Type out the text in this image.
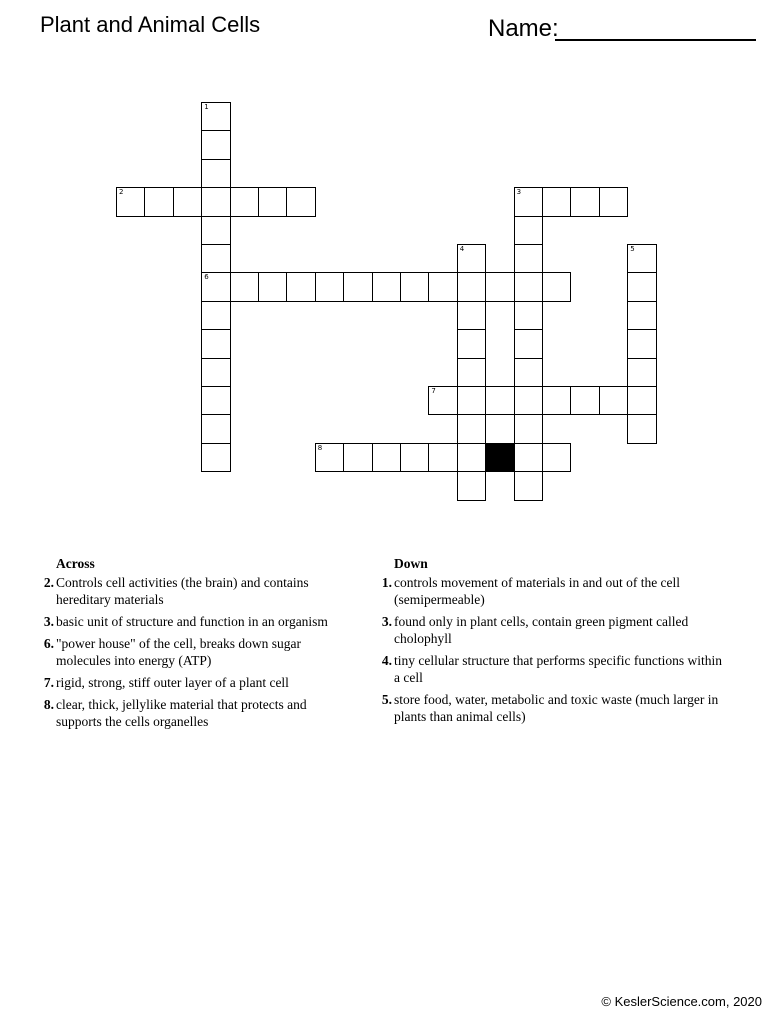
Plant and Animal Cells	Name:
1
6
2	3
4	5
7
8
Across
2. Controls cell activities (the brain) and contains hereditary materials
3. basic unit of structure and function in an organism
6. "power house" of the cell, breaks down sugar molecules into energy (ATP)
7. rigid, strong, stiff outer layer of a plant cell
8. clear, thick, jellylike material that protects and supports the cells organelles
Down
1. controls movement of materials in and out of the cell (semipermeable)
3. found only in plant cells, contain green pigment called cholophyll
4. tiny cellular structure that performs specific functions within a cell
5. store food, water, metabolic and toxic waste (much larger in plants than animal cells)
© KeslerScience.com, 2020
